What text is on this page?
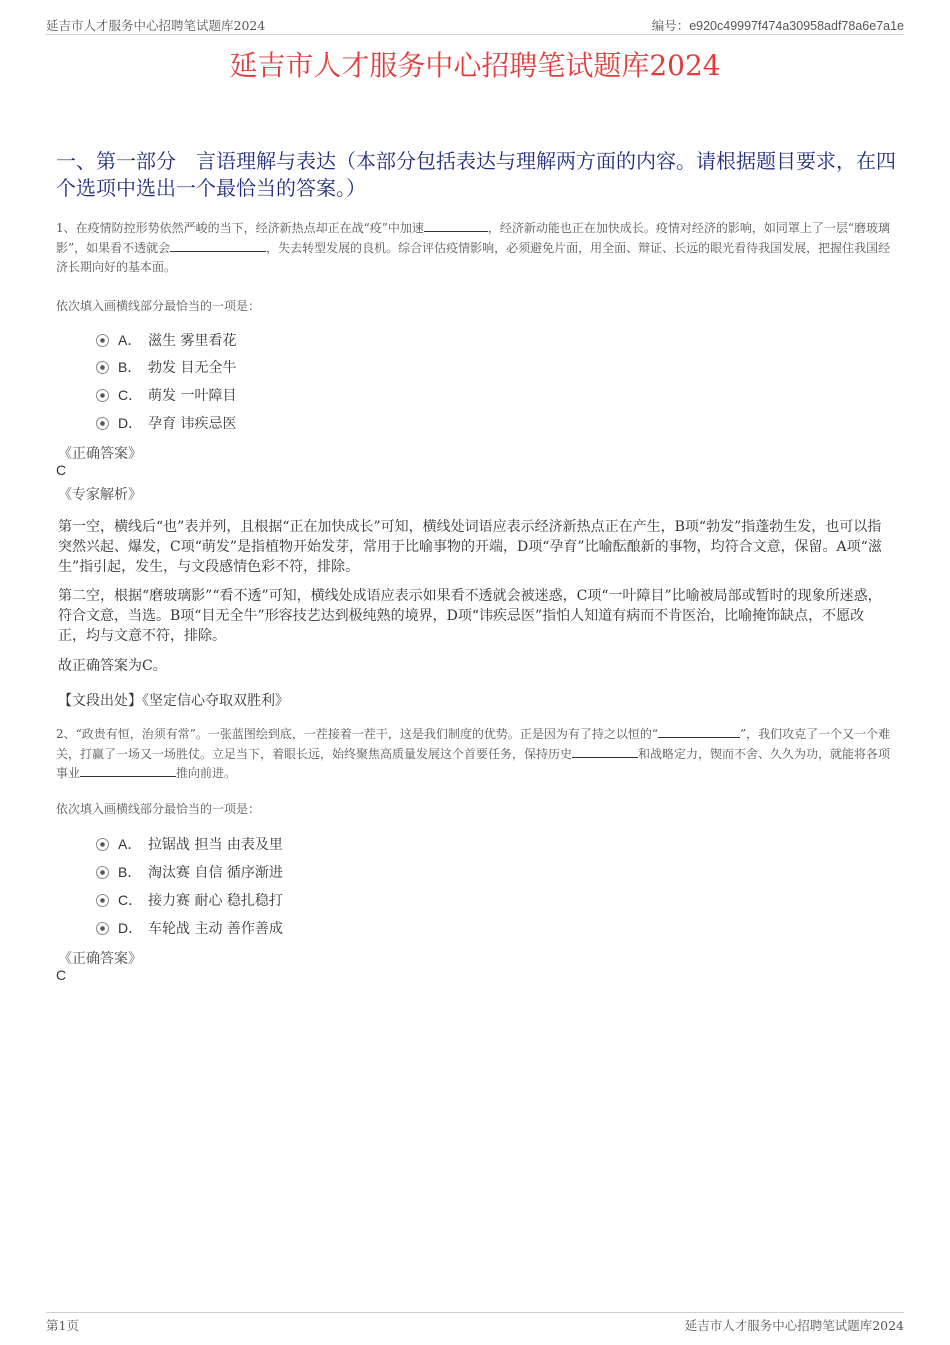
延吉市人才服务中心招聘笔试题库2024	编号：e920c49997f474a30958adf78a6e7a1e
延吉市人才服务中心招聘笔试题库2024
一、第一部分　言语理解与表达（本部分包括表达与理解两方面的内容。请根据题目要求，在四个选项中选出一个最恰当的答案。）
1、在疫情防控形势依然严峻的当下，经济新热点却正在战“疫”中加速	，经济新动能也正在加快成长。疫情对经济的影响，如同罩上了一层“磨玻璃影”，如果看不透就会	，失去转型发展的良机。综合评估疫情影响，必须避免片面，用全面、辩证、长远的眼光看待我国发展，把握住我国经济长期向好的基本面。
依次填入画横线部分最恰当的一项是：
A． 滋生 雾里看花
B． 勃发 目无全牛
C． 萌发 一叶障目
D． 孕育 讳疾忌医
《正确答案》
C
《专家解析》
第一空，横线后“也”表并列，且根据“正在加快成长”可知，横线处词语应表示经济新热点正在产生，B项“勃发”指蓬勃生发，也可以指突然兴起、爆发，C项“萌发”是指植物开始发芽，常用于比喻事物的开端，D项“孕育”比喻酝酿新的事物，均符合文意，保留。A项“滋生”指引起，发生，与文段感情色彩不符，排除。
第二空，根据“磨玻璃影”“看不透”可知，横线处成语应表示如果看不透就会被迷惑，C项“一叶障目”比喻被局部或暂时的现象所迷惑，符合文意，当选。B项“目无全牛”形容技艺达到极纯熟的境界，D项“讳疾忌医”指怕人知道有病而不肯医治，比喻掩饰缺点，不愿改正，均与文意不符，排除。
故正确答案为C。
【文段出处】《坚定信心夺取双胜利》
2、“政贵有恒，治须有常”。一张蓝图绘到底，一茬接着一茬干，这是我们制度的优势。正是因为有了持之以恒的“	”，我们攻克了一个又一个难关，打赢了一场又一场胜仗。立足当下，着眼长远，始终聚焦高质量发展这个首要任务，保持历史	和战略定力，锲而不舍、久久为功，就能将各项事业	推向前进。
依次填入画横线部分最恰当的一项是：
A． 拉锯战 担当 由表及里
B． 淘汰赛 自信 循序渐进
C． 接力赛 耐心 稳扎稳打
D． 车轮战 主动 善作善成
《正确答案》
C
第1页	延吉市人才服务中心招聘笔试题库2024
